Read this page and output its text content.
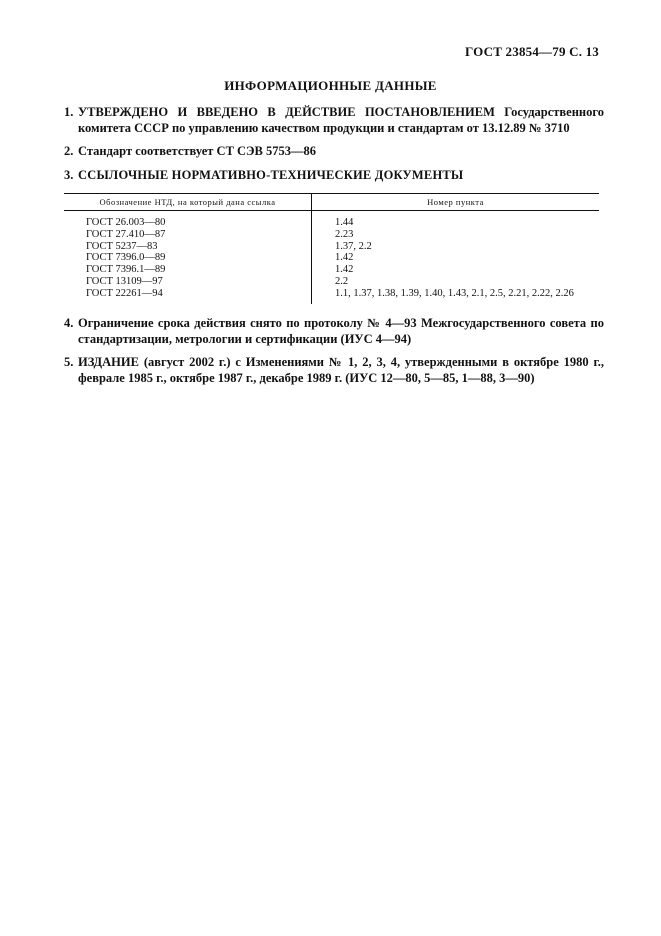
ГОСТ 23854—79 С. 13
ИНФОРМАЦИОННЫЕ ДАННЫЕ
1. УТВЕРЖДЕНО И ВВЕДЕНО В ДЕЙСТВИЕ ПОСТАНОВЛЕНИЕМ Государственного комитета СССР по управлению качеством продукции и стандартам от 13.12.89 № 3710
2. Стандарт соответствует СТ СЭВ 5753—86
3. ССЫЛОЧНЫЕ НОРМАТИВНО-ТЕХНИЧЕСКИЕ ДОКУМЕНТЫ
Обозначение НТД, на который дана ссылка	Номер пункта
ГОСТ 26.003—80
ГОСТ 27.410—87
ГОСТ 5237—83
ГОСТ 7396.0—89
ГОСТ 7396.1—89
ГОСТ 13109—97
ГОСТ 22261—94
1.44
2.23
1.37, 2.2
1.42
1.42
2.2
1.1, 1.37, 1.38, 1.39, 1.40, 1.43, 2.1, 2.5, 2.21, 2.22, 2.26
4. Ограничение срока действия снято по протоколу № 4—93 Межгосударственного совета по стандартизации, метрологии и сертификации (ИУС 4—94)
5. ИЗДАНИЕ (август 2002 г.) с Изменениями № 1, 2, 3, 4, утвержденными в октябре 1980 г., феврале 1985 г., октябре 1987 г., декабре 1989 г. (ИУС 12—80, 5—85, 1—88, 3—90)
